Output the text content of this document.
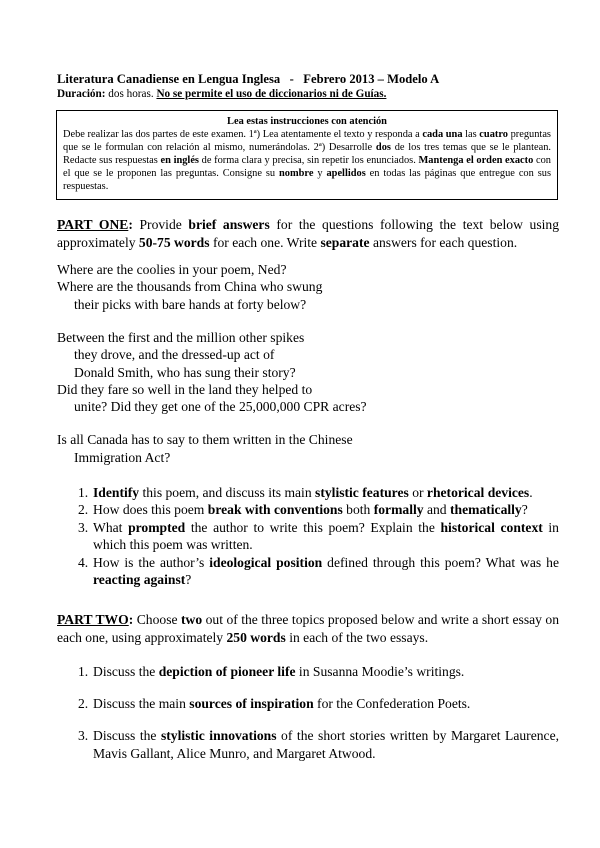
Literatura Canadiense en Lengua Inglesa   -   Febrero 2013 – Modelo A
Duración: dos horas. No se permite el uso de diccionarios ni de Guías.
Lea estas instrucciones con atención
Debe realizar las dos partes de este examen. 1ª) Lea atentamente el texto y responda a cada una las cuatro preguntas que se le formulan con relación al mismo, numerándolas. 2ª) Desarrolle dos de los tres temas que se le plantean. Redacte sus respuestas en inglés de forma clara y precisa, sin repetir los enunciados. Mantenga el orden exacto con el que se le proponen las preguntas. Consigne su nombre y apellidos en todas las páginas que entregue con sus respuestas.
PART ONE: Provide brief answers for the questions following the text below using approximately 50-75 words for each one. Write separate answers for each question.
Where are the coolies in your poem, Ned?
Where are the thousands from China who swung
their picks with bare hands at forty below?
Between the first and the million other spikes
they drove, and the dressed-up act of
Donald Smith, who has sung their story?
Did they fare so well in the land they helped to
unite? Did they get one of the 25,000,000 CPR acres?
Is all Canada has to say to them written in the Chinese
Immigration Act?
1. Identify this poem, and discuss its main stylistic features or rhetorical devices.
2. How does this poem break with conventions both formally and thematically?
3. What prompted the author to write this poem? Explain the historical context in which this poem was written.
4. How is the author’s ideological position defined through this poem? What was he reacting against?
PART TWO: Choose two out of the three topics proposed below and write a short essay on each one, using approximately 250 words in each of the two essays.
1. Discuss the depiction of pioneer life in Susanna Moodie’s writings.
2. Discuss the main sources of inspiration for the Confederation Poets.
3. Discuss the stylistic innovations of the short stories written by Margaret Laurence, Mavis Gallant, Alice Munro, and Margaret Atwood.
